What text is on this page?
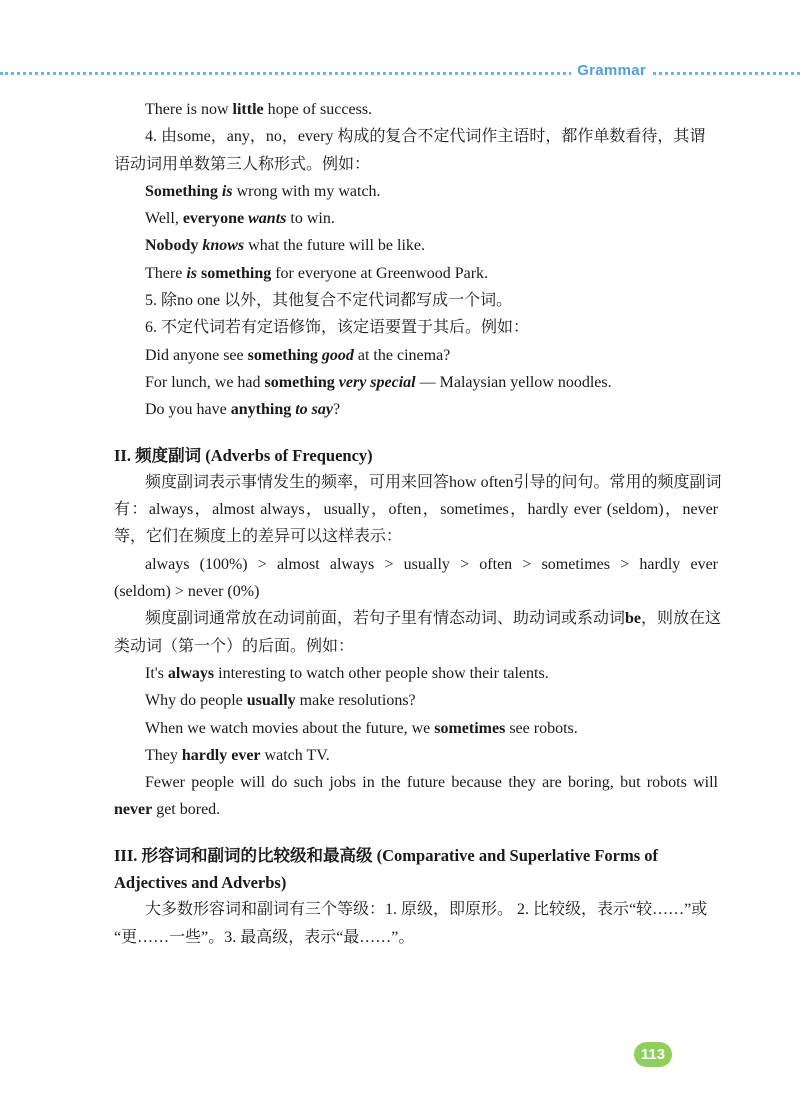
Grammar
There is now little hope of success.
4. 由some，any，no，every 构成的复合不定代词作主语时，都作单数看待，其谓
语动词用单数第三人称形式。例如：
Something is wrong with my watch.
Well, everyone wants to win.
Nobody knows what the future will be like.
There is something for everyone at Greenwood Park.
5. 除no one 以外，其他复合不定代词都写成一个词。
6. 不定代词若有定语修饰，该定语要置于其后。例如：
Did anyone see something good at the cinema?
For lunch, we had something very special — Malaysian yellow noodles.
Do you have anything to say?
II. 频度副词 (Adverbs of Frequency)
频度副词表示事情发生的频率，可用来回答how often引导的问句。常用的频度副词
有：always，almost always，usually，often，sometimes，hardly ever (seldom)，never
等，它们在频度上的差异可以这样表示：
always (100%) > almost always > usually > often > sometimes > hardly ever
(seldom) > never (0%)
频度副词通常放在动词前面，若句子里有情态动词、助动词或系动词be，则放在这
类动词（第一个）的后面。例如：
It's always interesting to watch other people show their talents.
Why do people usually make resolutions?
When we watch movies about the future, we sometimes see robots.
They hardly ever watch TV.
Fewer people will do such jobs in the future because they are boring, but robots will
never get bored.
III. 形容词和副词的比较级和最高级 (Comparative and Superlative Forms of
Adjectives and Adverbs)
大多数形容词和副词有三个等级：1. 原级，即原形。 2. 比较级，表示“较……”或
“更……一些”。3. 最高级，表示“最……”。
113
